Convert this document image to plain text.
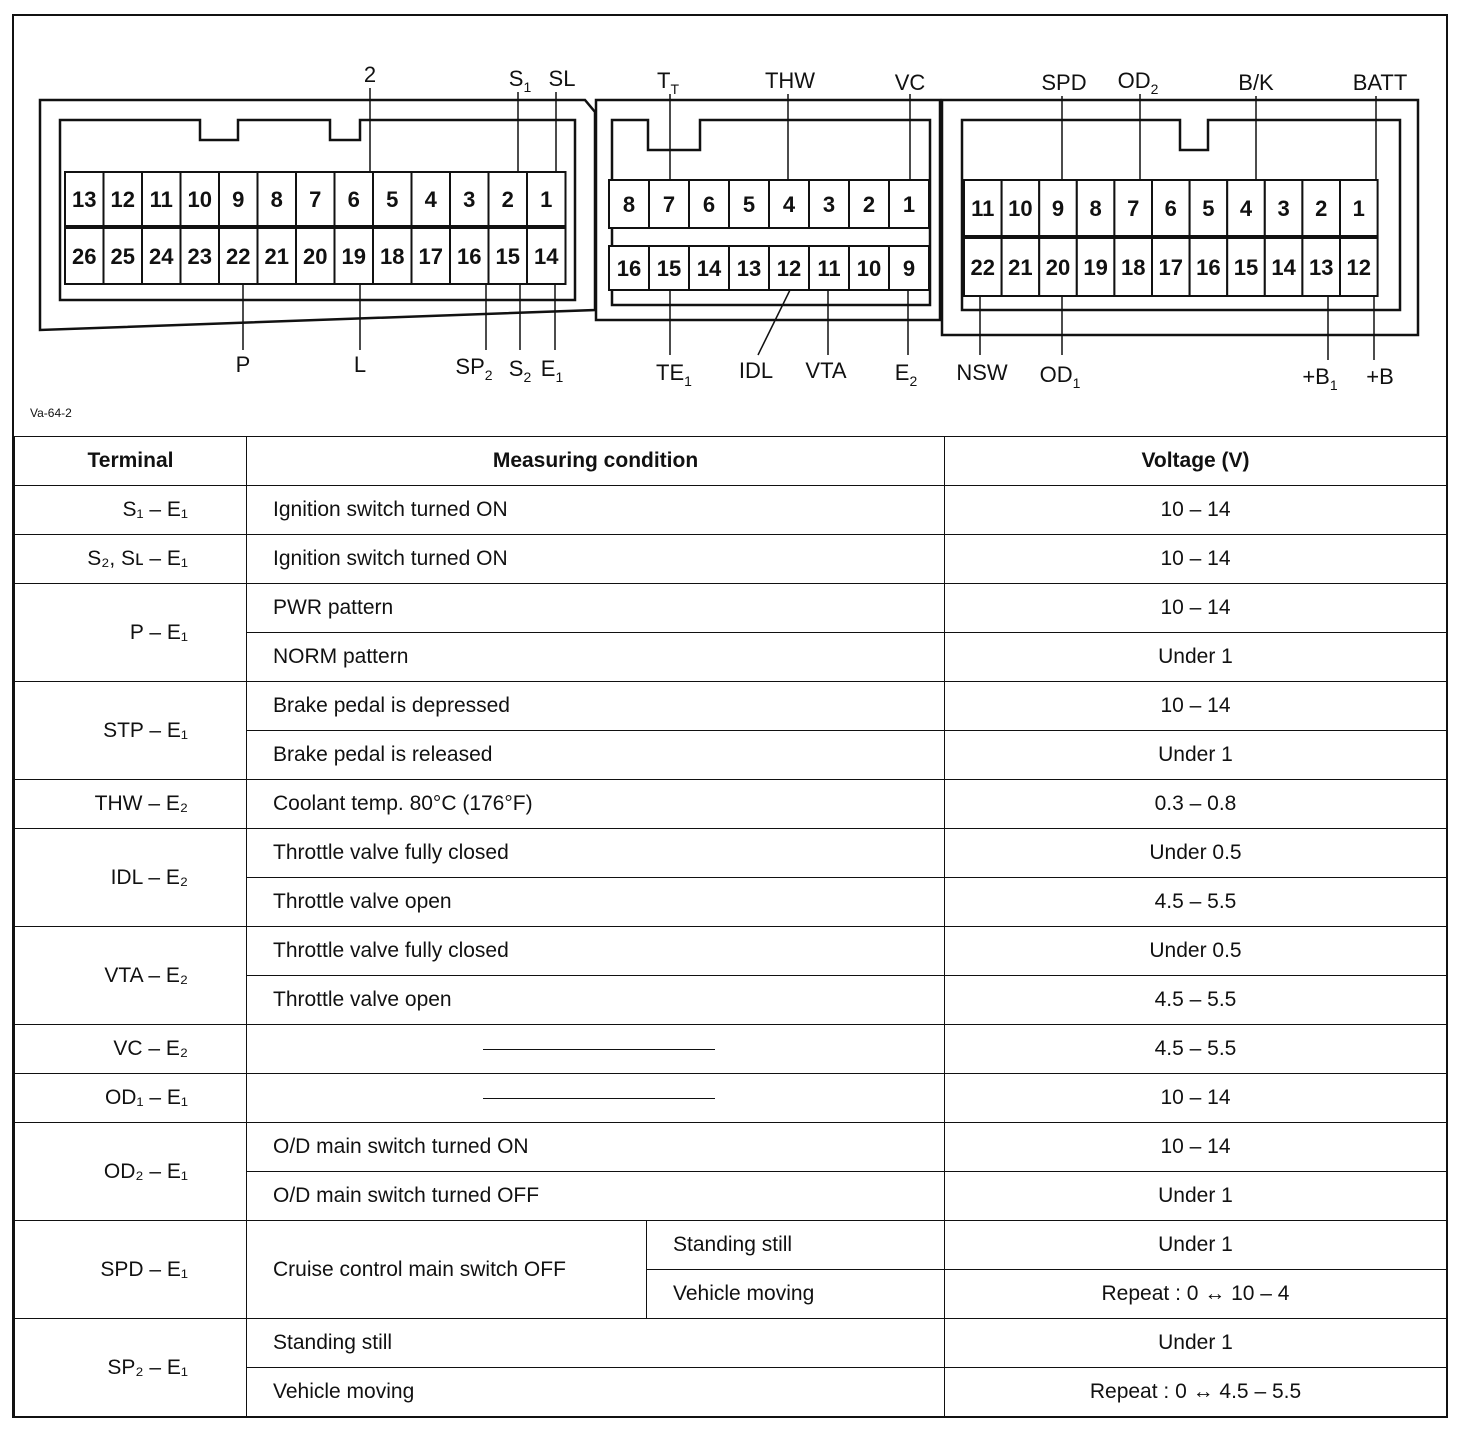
13 12 11 10 9 8 7 6 5 4 3 2 1
26 25 24 23 22 21 20 19 18 17 16 15 14
8 7 6 5 4 3 2 1
16 15 14 13 12 11 10 9
11 10 9 8 7 6 5 4 3 2 1
22 21 20 19 18 17 16 15 14 13 12
2	$S_1$ SL	$T_T$	THW	VC	SPD $OD_2$	B/K	BATT
P	L	$SP_2$ $S_2$ $E_1$	$TE_1$ IDL VTA $E_2$ NSW $OD_1$	$+B_1 +B$
Va-64-2
Terminal	Measuring condition		Voltage (V)
S₁ – E₁	Ignition switch turned ON		10 – 14
S₂, Sʟ – E₁	Ignition switch turned ON		10 – 14
P – E₁	PWR pattern		10 – 14
	NORM pattern		Under 1
STP – E₁	Brake pedal is depressed		10 – 14
	Brake pedal is released		Under 1
THW – E₂	Coolant temp. 80°C (176°F)		0.3 – 0.8
IDL – E₂	Throttle valve fully closed		Under 0.5
	Throttle valve open		4.5 – 5.5
VTA – E₂	Throttle valve fully closed		Under 0.5
	Throttle valve open		4.5 – 5.5
VC – E₂			4.5 – 5.5
OD₁ – E₁			10 – 14
OD₂ – E₁	O/D main switch turned ON		10 – 14
	O/D main switch turned OFF		Under 1
SPD – E₁	Cruise control main switch OFF	Standing still	Under 1
		Vehicle moving	Repeat : 0 ↔ 10 – 4
SP₂ – E₁	Standing still		Under 1
	Vehicle moving		Repeat : 0 ↔ 4.5 – 5.5
